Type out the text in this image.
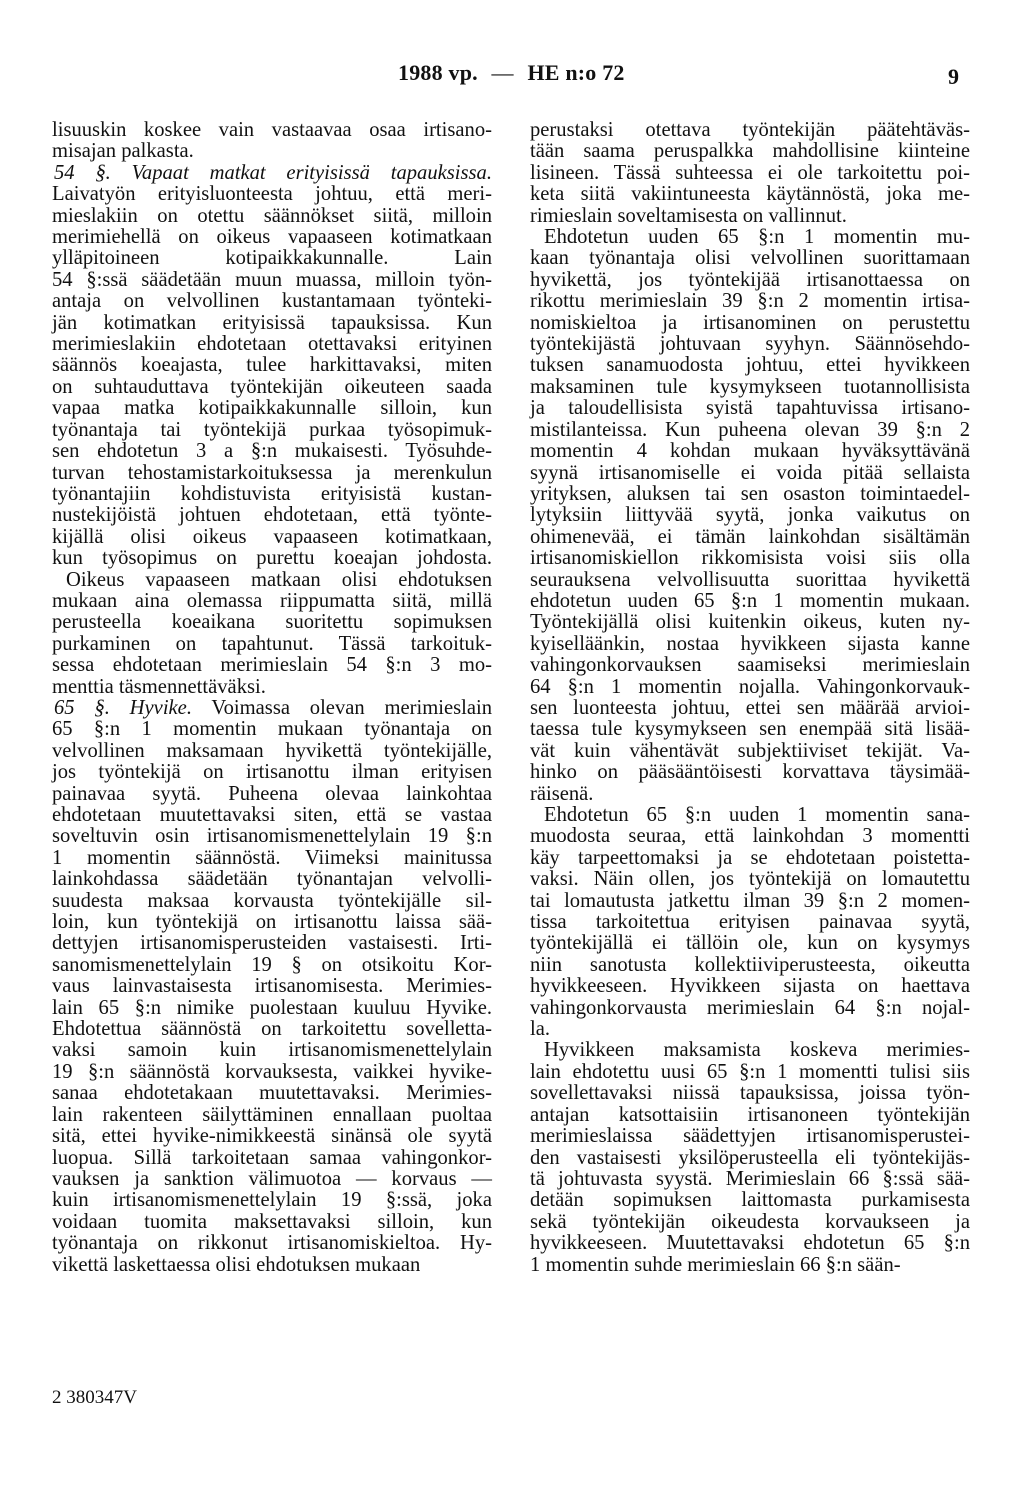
1988 vp. — HE n:o 72	9
lisuuskin koskee vain vastaavaa osaa irtisano-
misajan palkasta.
54 §. Vapaat matkat erityisissä tapauksissa.
Laivatyön erityisluonteesta johtuu, että meri-
mieslakiin on otettu säännökset siitä, milloin
merimiehellä on oikeus vapaaseen kotimatkaan
ylläpitoineen kotipaikkakunnalle. Lain
54 §:ssä säädetään muun muassa, milloin työn-
antaja on velvollinen kustantamaan työnteki-
jän kotimatkan erityisissä tapauksissa. Kun
merimieslakiin ehdotetaan otettavaksi erityinen
säännös koeajasta, tulee harkittavaksi, miten
on suhtauduttava työntekijän oikeuteen saada
vapaa matka kotipaikkakunnalle silloin, kun
työnantaja tai työntekijä purkaa työsopimuk-
sen ehdotetun 3 a §:n mukaisesti. Työsuhde-
turvan tehostamistarkoituksessa ja merenkulun
työnantajiin kohdistuvista erityisistä kustan-
nustekijöistä johtuen ehdotetaan, että työnte-
kijällä olisi oikeus vapaaseen kotimatkaan,
kun työsopimus on purettu koeajan johdosta.
Oikeus vapaaseen matkaan olisi ehdotuksen
mukaan aina olemassa riippumatta siitä, millä
perusteella koeaikana suoritettu sopimuksen
purkaminen on tapahtunut. Tässä tarkoituk-
sessa ehdotetaan merimieslain 54 §:n 3 mo-
menttia täsmennettäväksi.
65 §. Hyvike. Voimassa olevan merimieslain
65 §:n 1 momentin mukaan työnantaja on
velvollinen maksamaan hyvikettä työntekijälle,
jos työntekijä on irtisanottu ilman erityisen
painavaa syytä. Puheena olevaa lainkohtaa
ehdotetaan muutettavaksi siten, että se vastaa
soveltuvin osin irtisanomismenettelylain 19 §:n
1 momentin säännöstä. Viimeksi mainitussa
lainkohdassa säädetään työnantajan velvolli-
suudesta maksaa korvausta työntekijälle sil-
loin, kun työntekijä on irtisanottu laissa sää-
dettyjen irtisanomisperusteiden vastaisesti. Irti-
sanomismenettelylain 19 § on otsikoitu Kor-
vaus lainvastaisesta irtisanomisesta. Merimies-
lain 65 §:n nimike puolestaan kuuluu Hyvike.
Ehdotettua säännöstä on tarkoitettu sovelletta-
vaksi samoin kuin irtisanomismenettelylain
19 §:n säännöstä korvauksesta, vaikkei hyvike-
sanaa ehdotetakaan muutettavaksi. Merimies-
lain rakenteen säilyttäminen ennallaan puoltaa
sitä, ettei hyvike-nimikkeestä sinänsä ole syytä
luopua. Sillä tarkoitetaan samaa vahingonkor-
vauksen ja sanktion välimuotoa — korvaus —
kuin irtisanomismenettelylain 19 §:ssä, joka
voidaan tuomita maksettavaksi silloin, kun
työnantaja on rikkonut irtisanomiskieltoa. Hy-
vikettä laskettaessa olisi ehdotuksen mukaan
perustaksi otettava työntekijän päätehtäväs-
tään saama peruspalkka mahdollisine kiinteine
lisineen. Tässä suhteessa ei ole tarkoitettu poi-
keta siitä vakiintuneesta käytännöstä, joka me-
rimieslain soveltamisesta on vallinnut.
Ehdotetun uuden 65 §:n 1 momentin mu-
kaan työnantaja olisi velvollinen suorittamaan
hyvikettä, jos työntekijää irtisanottaessa on
rikottu merimieslain 39 §:n 2 momentin irtisa-
nomiskieltoa ja irtisanominen on perustettu
työntekijästä johtuvaan syyhyn. Säännösehdo-
tuksen sanamuodosta johtuu, ettei hyvikkeen
maksaminen tule kysymykseen tuotannollisista
ja taloudellisista syistä tapahtuvissa irtisano-
mistilanteissa. Kun puheena olevan 39 §:n 2
momentin 4 kohdan mukaan hyväksyttävänä
syynä irtisanomiselle ei voida pitää sellaista
yrityksen, aluksen tai sen osaston toimintaedel-
lytyksiin liittyvää syytä, jonka vaikutus on
ohimenevää, ei tämän lainkohdan sisältämän
irtisanomiskiellon rikkomisista voisi siis olla
seurauksena velvollisuutta suorittaa hyvikettä
ehdotetun uuden 65 §:n 1 momentin mukaan.
Työntekijällä olisi kuitenkin oikeus, kuten ny-
kyiselläänkin, nostaa hyvikkeen sijasta kanne
vahingonkorvauksen saamiseksi merimieslain
64 §:n 1 momentin nojalla. Vahingonkorvauk-
sen luonteesta johtuu, ettei sen määrää arvioi-
taessa tule kysymykseen sen enempää sitä lisää-
vät kuin vähentävät subjektiiviset tekijät. Va-
hinko on pääsääntöisesti korvattava täysimää-
räisenä.
Ehdotetun 65 §:n uuden 1 momentin sana-
muodosta seuraa, että lainkohdan 3 momentti
käy tarpeettomaksi ja se ehdotetaan poistetta-
vaksi. Näin ollen, jos työntekijä on lomautettu
tai lomautusta jatkettu ilman 39 §:n 2 momen-
tissa tarkoitettua erityisen painavaa syytä,
työntekijällä ei tällöin ole, kun on kysymys
niin sanotusta kollektiiviperusteesta, oikeutta
hyvikkeeseen. Hyvikkeen sijasta on haettava
vahingonkorvausta merimieslain 64 §:n nojal-
la.
Hyvikkeen maksamista koskeva merimies-
lain ehdotettu uusi 65 §:n 1 momentti tulisi siis
sovellettavaksi niissä tapauksissa, joissa työn-
antajan katsottaisiin irtisanoneen työntekijän
merimieslaissa säädettyjen irtisanomisperustei-
den vastaisesti yksilöperusteella eli työntekijäs-
tä johtuvasta syystä. Merimieslain 66 §:ssä sää-
detään sopimuksen laittomasta purkamisesta
sekä työntekijän oikeudesta korvaukseen ja
hyvikkeeseen. Muutettavaksi ehdotetun 65 §:n
1 momentin suhde merimieslain 66 §:n sään-
2 380347V
